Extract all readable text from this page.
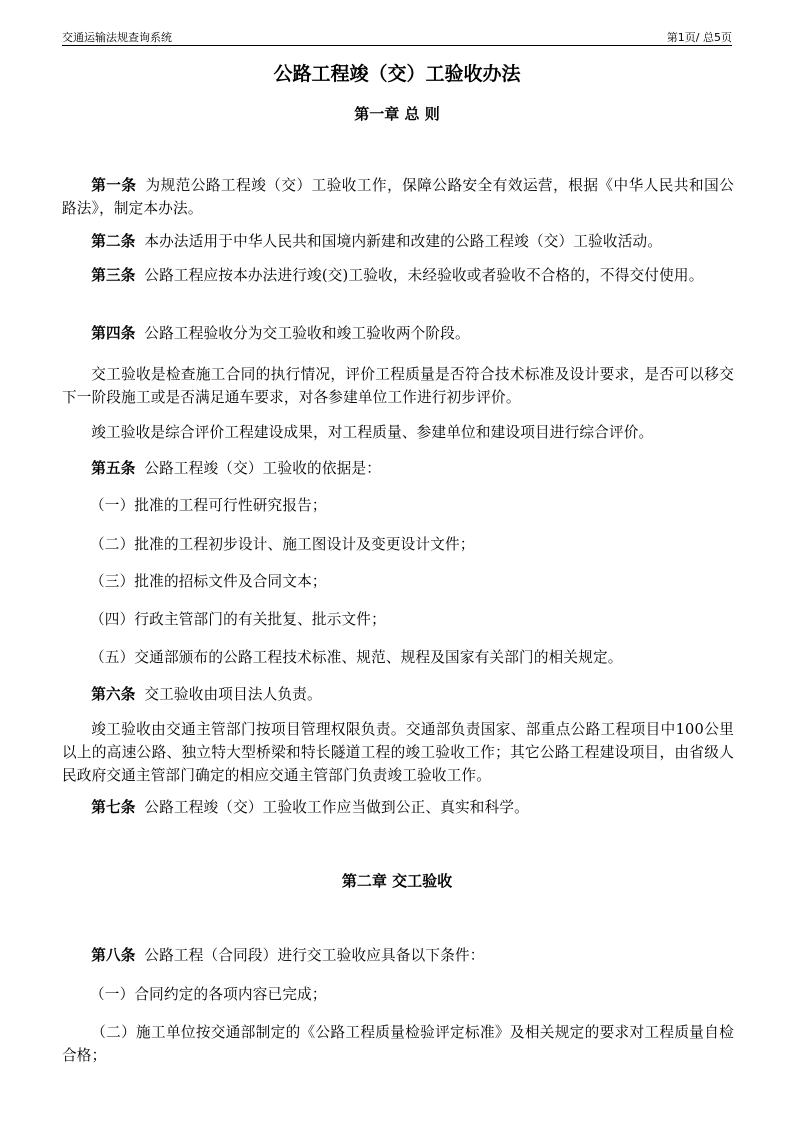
交通运输法规查询系统	第1页/ 总5页
公路工程竣（交）工验收办法
第一章 总 则

第一条 为规范公路工程竣（交）工验收工作，保障公路安全有效运营，根据《中华人民共和国公路法》，制定本办法。

第二条 本办法适用于中华人民共和国境内新建和改建的公路工程竣（交）工验收活动。

第三条 公路工程应按本办法进行竣(交)工验收，未经验收或者验收不合格的，不得交付使用。

第四条 公路工程验收分为交工验收和竣工验收两个阶段。

交工验收是检查施工合同的执行情况，评价工程质量是否符合技术标准及设计要求，是否可以移交下一阶段施工或是否满足通车要求，对各参建单位工作进行初步评价。

竣工验收是综合评价工程建设成果，对工程质量、参建单位和建设项目进行综合评价。

第五条 公路工程竣（交）工验收的依据是：

（一）批准的工程可行性研究报告；

（二）批准的工程初步设计、施工图设计及变更设计文件；

（三）批准的招标文件及合同文本；

（四）行政主管部门的有关批复、批示文件；

（五）交通部颁布的公路工程技术标准、规范、规程及国家有关部门的相关规定。

第六条 交工验收由项目法人负责。

竣工验收由交通主管部门按项目管理权限负责。交通部负责国家、部重点公路工程项目中100公里以上的高速公路、独立特大型桥梁和特长隧道工程的竣工验收工作；其它公路工程建设项目，由省级人民政府交通主管部门确定的相应交通主管部门负责竣工验收工作。

第七条 公路工程竣（交）工验收工作应当做到公正、真实和科学。

第二章 交工验收

第八条 公路工程（合同段）进行交工验收应具备以下条件：

（一）合同约定的各项内容已完成；

（二）施工单位按交通部制定的《公路工程质量检验评定标准》及相关规定的要求对工程质量自检合格；
